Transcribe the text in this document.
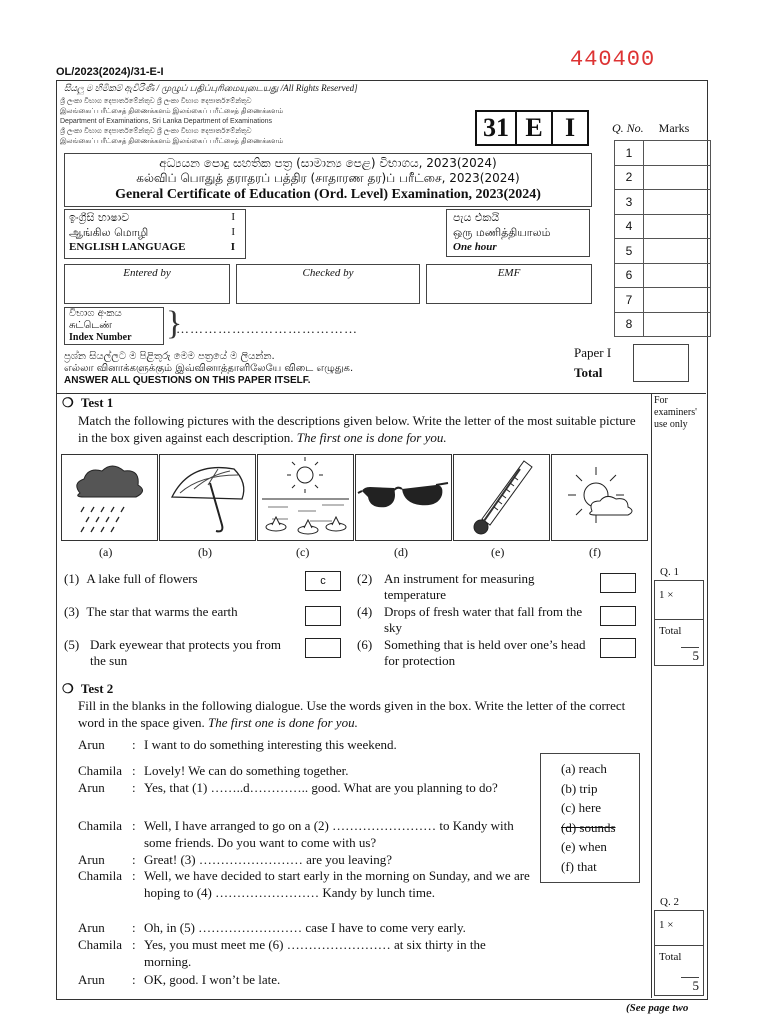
OL/2023(2024)/31-E-I	440400
සියලු ම හිමිකම් ඇවිරිණි / முழுப் பதிப்புரிமையுடையது /All Rights Reserved]
ශ්‍රී ලංකා විභාග දෙපාර්තමේන්තුව ශ්‍රී ලංකා විභාග දෙපාර්තමේන්තුව
இலங்கைப் பரீட்சைத் திணைக்களம் இலங்கைப் பரீட்சைத் திணைக்களம்
Department of Examinations, Sri Lanka Department of Examinations
ශ්‍රී ලංකා විභාග දෙපාර්තමේන්තුව ශ්‍රී ලංකා විභාග දෙපාර්තමේන්තුව
இலங்கைப் பரீட்சைத் திணைக்களம் இலங்கைப் பரீட்சைத் திணைக்களம்	31 E I
අධ්‍යයන පොදු සහතික පත්‍ර (සාමාන්‍ය පෙළ) විභාගය, 2023(2024)
கல்விப் பொதுத் தராதரப் பத்திர (சாதாரண தர)ப் பரீட்சை, 2023(2024)
General Certificate of Education (Ord. Level) Examination, 2023(2024)
ඉංග්‍රීසි භාෂාව	I
ஆங்கில மொழி	I
ENGLISH LANGUAGE	I
පැය එකයි
ஒரு மணித்தியாலம்
One hour
Entered by	Checked by	EMF
විභාග අංකය
சுட்டெண்
Index Number	}
…………………………………
ප්‍රශ්න සියල්ලට ම පිළිතුරු මෙම පත්‍රයේ ම ලියන්න.
எல்லா வினாக்களுக்கும் இவ்வினாத்தாளிலேயே விடை எழுதுக.
ANSWER ALL QUESTIONS ON THIS PAPER ITSELF.
Q. No. Marks
1	
2	
3	
4	
5	
6	
7	
8	
Paper I
Total
For examiners' use only
❍ Test 1
Match the following pictures with the descriptions given below. Write the letter of the most suitable picture in the box given against each description. The first one is done for you.
(a)	(b)	(c)	(d)	(e)	(f)
(1) A lake full of flowers	c	(2) An instrument for measuring temperature
(3) The star that warms the earth	(4) Drops of fresh water that fall from the sky
(5) Dark eyewear that protects you from the sun
(6) Something that is held over one’s head for protection
Q. 1
1 ×
Total
5
❍ Test 2
Fill in the blanks in the following dialogue. Use the words given in the box. Write the letter of the correct word in the space given. The first one is done for you.
Arun	: I want to do something interesting this weekend.
Chamila : Lovely! We can do something together.
Arun	: Yes, that (1) ……..d………….. good. What are you planning to do?
Chamila : Well, I have arranged to go on a (2) …………………… to Kandy with some friends. Do you want to come with us?
Arun	: Great! (3) …………………… are you leaving?
Chamila : Well, we have decided to start early in the morning on Sunday, and we are hoping to (4) …………………… Kandy by lunch time.
Arun	: Oh, in (5) …………………… case I have to come very early.
Chamila : Yes, you must meet me (6) …………………… at six thirty in the morning.
Arun	: OK, good. I won’t be late.
(a) reach
(b) trip
(c) here
(d) sounds
(e) when
(f) that
Q. 2
1 ×
Total
5
(See page two
